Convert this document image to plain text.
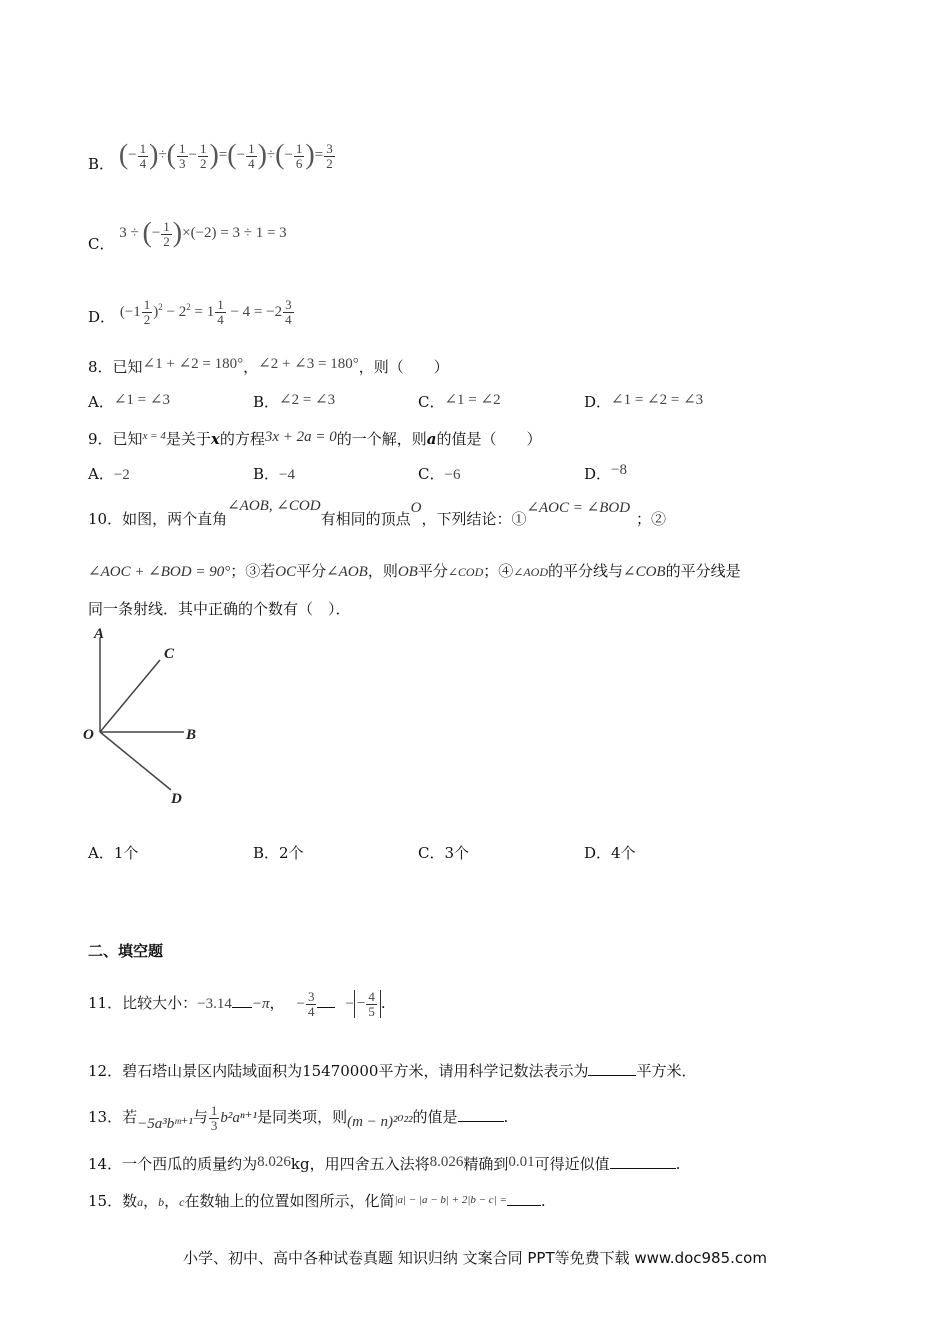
B． (− $\frac{1}{4}$ )÷( $\frac{1}{3} - \frac{1}{2}$ )=(− $\frac{1}{4}$ )÷(− $\frac{1}{6}$ )= $\frac{3}{2}$
C． 3 ÷ (− $\frac{1}{2} )\times(-2) = 3 \div 1 = 3$
D． $(-1 \frac{1}{2} )^2 - 2^2 = 1 \frac{1}{4} - 4 = -2 \frac{3}{4}$
8．已知∠1 + ∠2 = 180°，∠2 + ∠3 = 180°，则（　　）
A．∠1 = ∠3	B．∠2 = ∠3	C．∠1 = ∠2	D．∠1 = ∠2 = ∠3
9．已知$^{x = 4}$是关于x的方程3x + 2a = 0的一个解，则a的值是（　　）
A．−2	B．−4	C．−6	D．−8
10．如图，两个直角∠AOB, ∠COD有相同的顶点O，下列结论：①∠AOC = ∠BOD；②
∠AOC + ∠BOD = 90°；③若OC平分∠AOB，则OB平分∠COD；④∠AOD的平分线与∠COB的平分线是
同一条射线．其中正确的个数有（　）．
A
C
O	B
D
A．1个	B．2个	C．3个	D．4个
二、填空题
11．比较大小：−3.14 −π， − $\frac{3}{4}$ − − $\frac{4}{5}$ .
12．碧石塔山景区内陆域面积为15470000平方米，请用科学记数法表示为	平方米．
13．若−5a³bᵐ⁺¹与 $\frac{1}{3} b^2a^{n+1}$是同类项，则(m − n)²⁰²²的值是	.
14．一个西瓜的质量约为8.026kg，用四舍五入法将8.026精确到0.01可得近似值	.
15．数a，b，c在数轴上的位置如图所示，化简$^{|a| - |a - b| + 2|b - c| =}$ .
小学、初中、高中各种试卷真题 知识归纳 文案合同 PPT等免费下载 www.doc985.com
